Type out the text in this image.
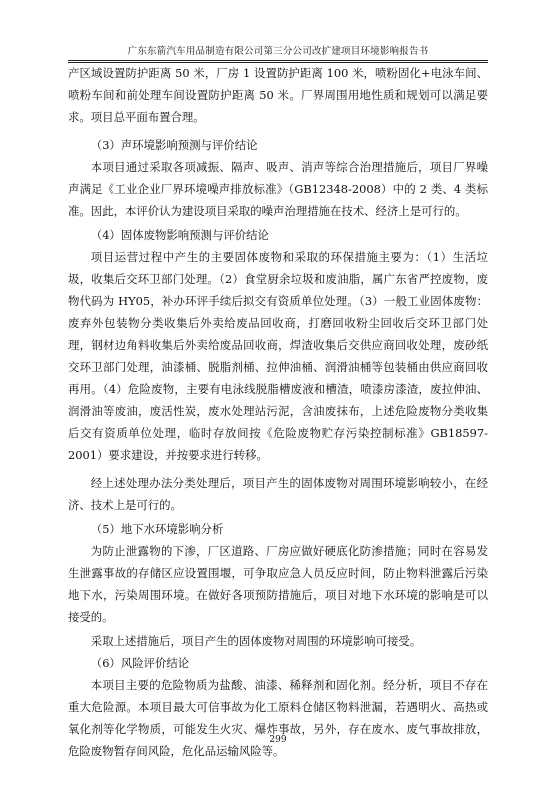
广东东箭汽车用品制造有限公司第三分公司改扩建项目环境影响报告书

产区域设置防护距离 50 米，厂房 1 设置防护距离 100 米，喷粉固化+电泳车间、喷粉车间和前处理车间设置防护距离 50 米。厂界周围用地性质和规划可以满足要求。项目总平面布置合理。

（3）声环境影响预测与评价结论

本项目通过采取各项减振、隔声、吸声、消声等综合治理措施后，项目厂界噪声满足《工业企业厂界环境噪声排放标准》（GB12348-2008）中的 2 类、4 类标准。因此，本评价认为建设项目采取的噪声治理措施在技术、经济上是可行的。

（4）固体废物影响预测与评价结论

项目运营过程中产生的主要固体废物和采取的环保措施主要为：（1）生活垃圾，收集后交环卫部门处理。（2）食堂厨余垃圾和废油脂，属广东省严控废物，废物代码为 HY05，补办环评手续后拟交有资质单位处理。（3）一般工业固体废物：废弃外包装物分类收集后外卖给废品回收商，打磨回收粉尘回收后交环卫部门处理，钢材边角料收集后外卖给废品回收商，焊渣收集后交供应商回收处理，废砂纸交环卫部门处理，油漆桶、脱脂剂桶、拉伸油桶、润滑油桶等包装桶由供应商回收再用。（4）危险废物，主要有电泳线脱脂槽废液和槽渣，喷漆房漆渣，废拉伸油、润滑油等废油，废活性炭，废水处理站污泥，含油废抹布，上述危险废物分类收集后交有资质单位处理，临时存放间按《危险废物贮存污染控制标准》GB18597-2001）要求建设，并按要求进行转移。

经上述处理办法分类处理后，项目产生的固体废物对周围环境影响较小，在经济、技术上是可行的。

（5）地下水环境影响分析

为防止泄露物的下渗，厂区道路、厂房应做好硬底化防渗措施；同时在容易发生泄露事故的存储区应设置围堰，可争取应急人员反应时间，防止物料泄露后污染地下水，污染周围环境。在做好各项预防措施后，项目对地下水环境的影响是可以接受的。

采取上述措施后，项目产生的固体废物对周围的环境影响可接受。

（6）风险评价结论

本项目主要的危险物质为盐酸、油漆、稀释剂和固化剂。经分析，项目不存在重大危险源。本项目最大可信事故为化工原料仓储区物料泄漏，若遇明火、高热或氧化剂等化学物质，可能发生火灾、爆炸事故，另外，存在废水、废气事故排放，危险废物暂存间风险，危化品运输风险等。

299
